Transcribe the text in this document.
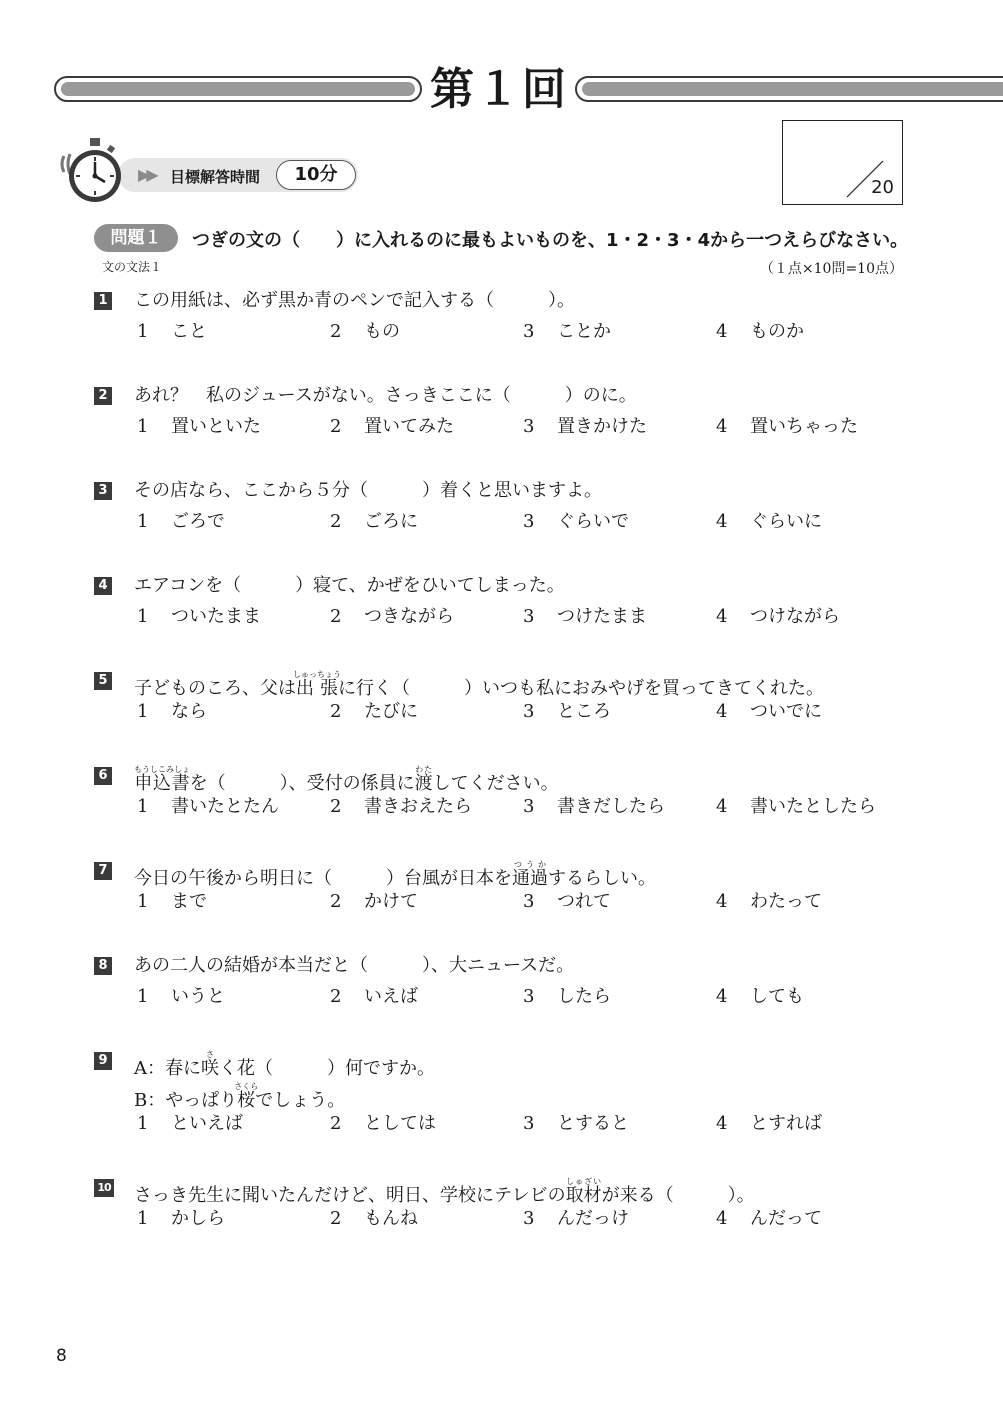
第１回
▶▶ 目標解答時間	10分
20
問題１	つぎの文の（　　）に入れるのに最もよいものを、1・2・3・4から一つえらびなさい。
文の文法１	（１点×10問=10点）
1 この用紙は、必ず黒か青のペンで記入する（　　　）。
1 こと	2 もの	3 ことか	4 ものか
2 あれ？　私のジュースがない。さっきここに（　　　）のに。
1 置いといた	2 置いてみた	3 置きかけた	4 置いちゃった
3 その店なら、ここから５分（　　　）着くと思いますよ。
1 ごろで	2 ごろに	3 ぐらいで	4 ぐらいに
4 エアコンを（　　　）寝て、かぜをひいてしまった。
1 ついたまま	2 つきながら	3 つけたまま	4 つけながら
5 子どものころ、父は出張しゅっちょうに行く（　　　）いつも私におみやげを買ってきてくれた。
1 なら	2 たびに	3 ところ	4 ついでに
6 申込書もうしこみしょを（　　　）、受付の係員に渡わたしてください。
1 書いたとたん	2 書きおえたら	3 書きだしたら	4 書いたとしたら
7 今日の午後から明日に（　　　）台風が日本を通過つうかするらしい。
1 まで	2 かけて	3 つれて	4 わたって
8 あの二人の結婚が本当だと（　　　）、大ニュースだ。
1 いうと	2 いえば	3 したら	4 しても
9 A：春に咲さく花（　　　）何ですか。
B：やっぱり桜さくらでしょう。
1 といえば	2 としては	3 とすると	4 とすれば
10 さっき先生に聞いたんだけど、明日、学校にテレビの取材しゅざいが来る（　　　）。
1 かしら	2 もんね	3 んだっけ	4 んだって
8
